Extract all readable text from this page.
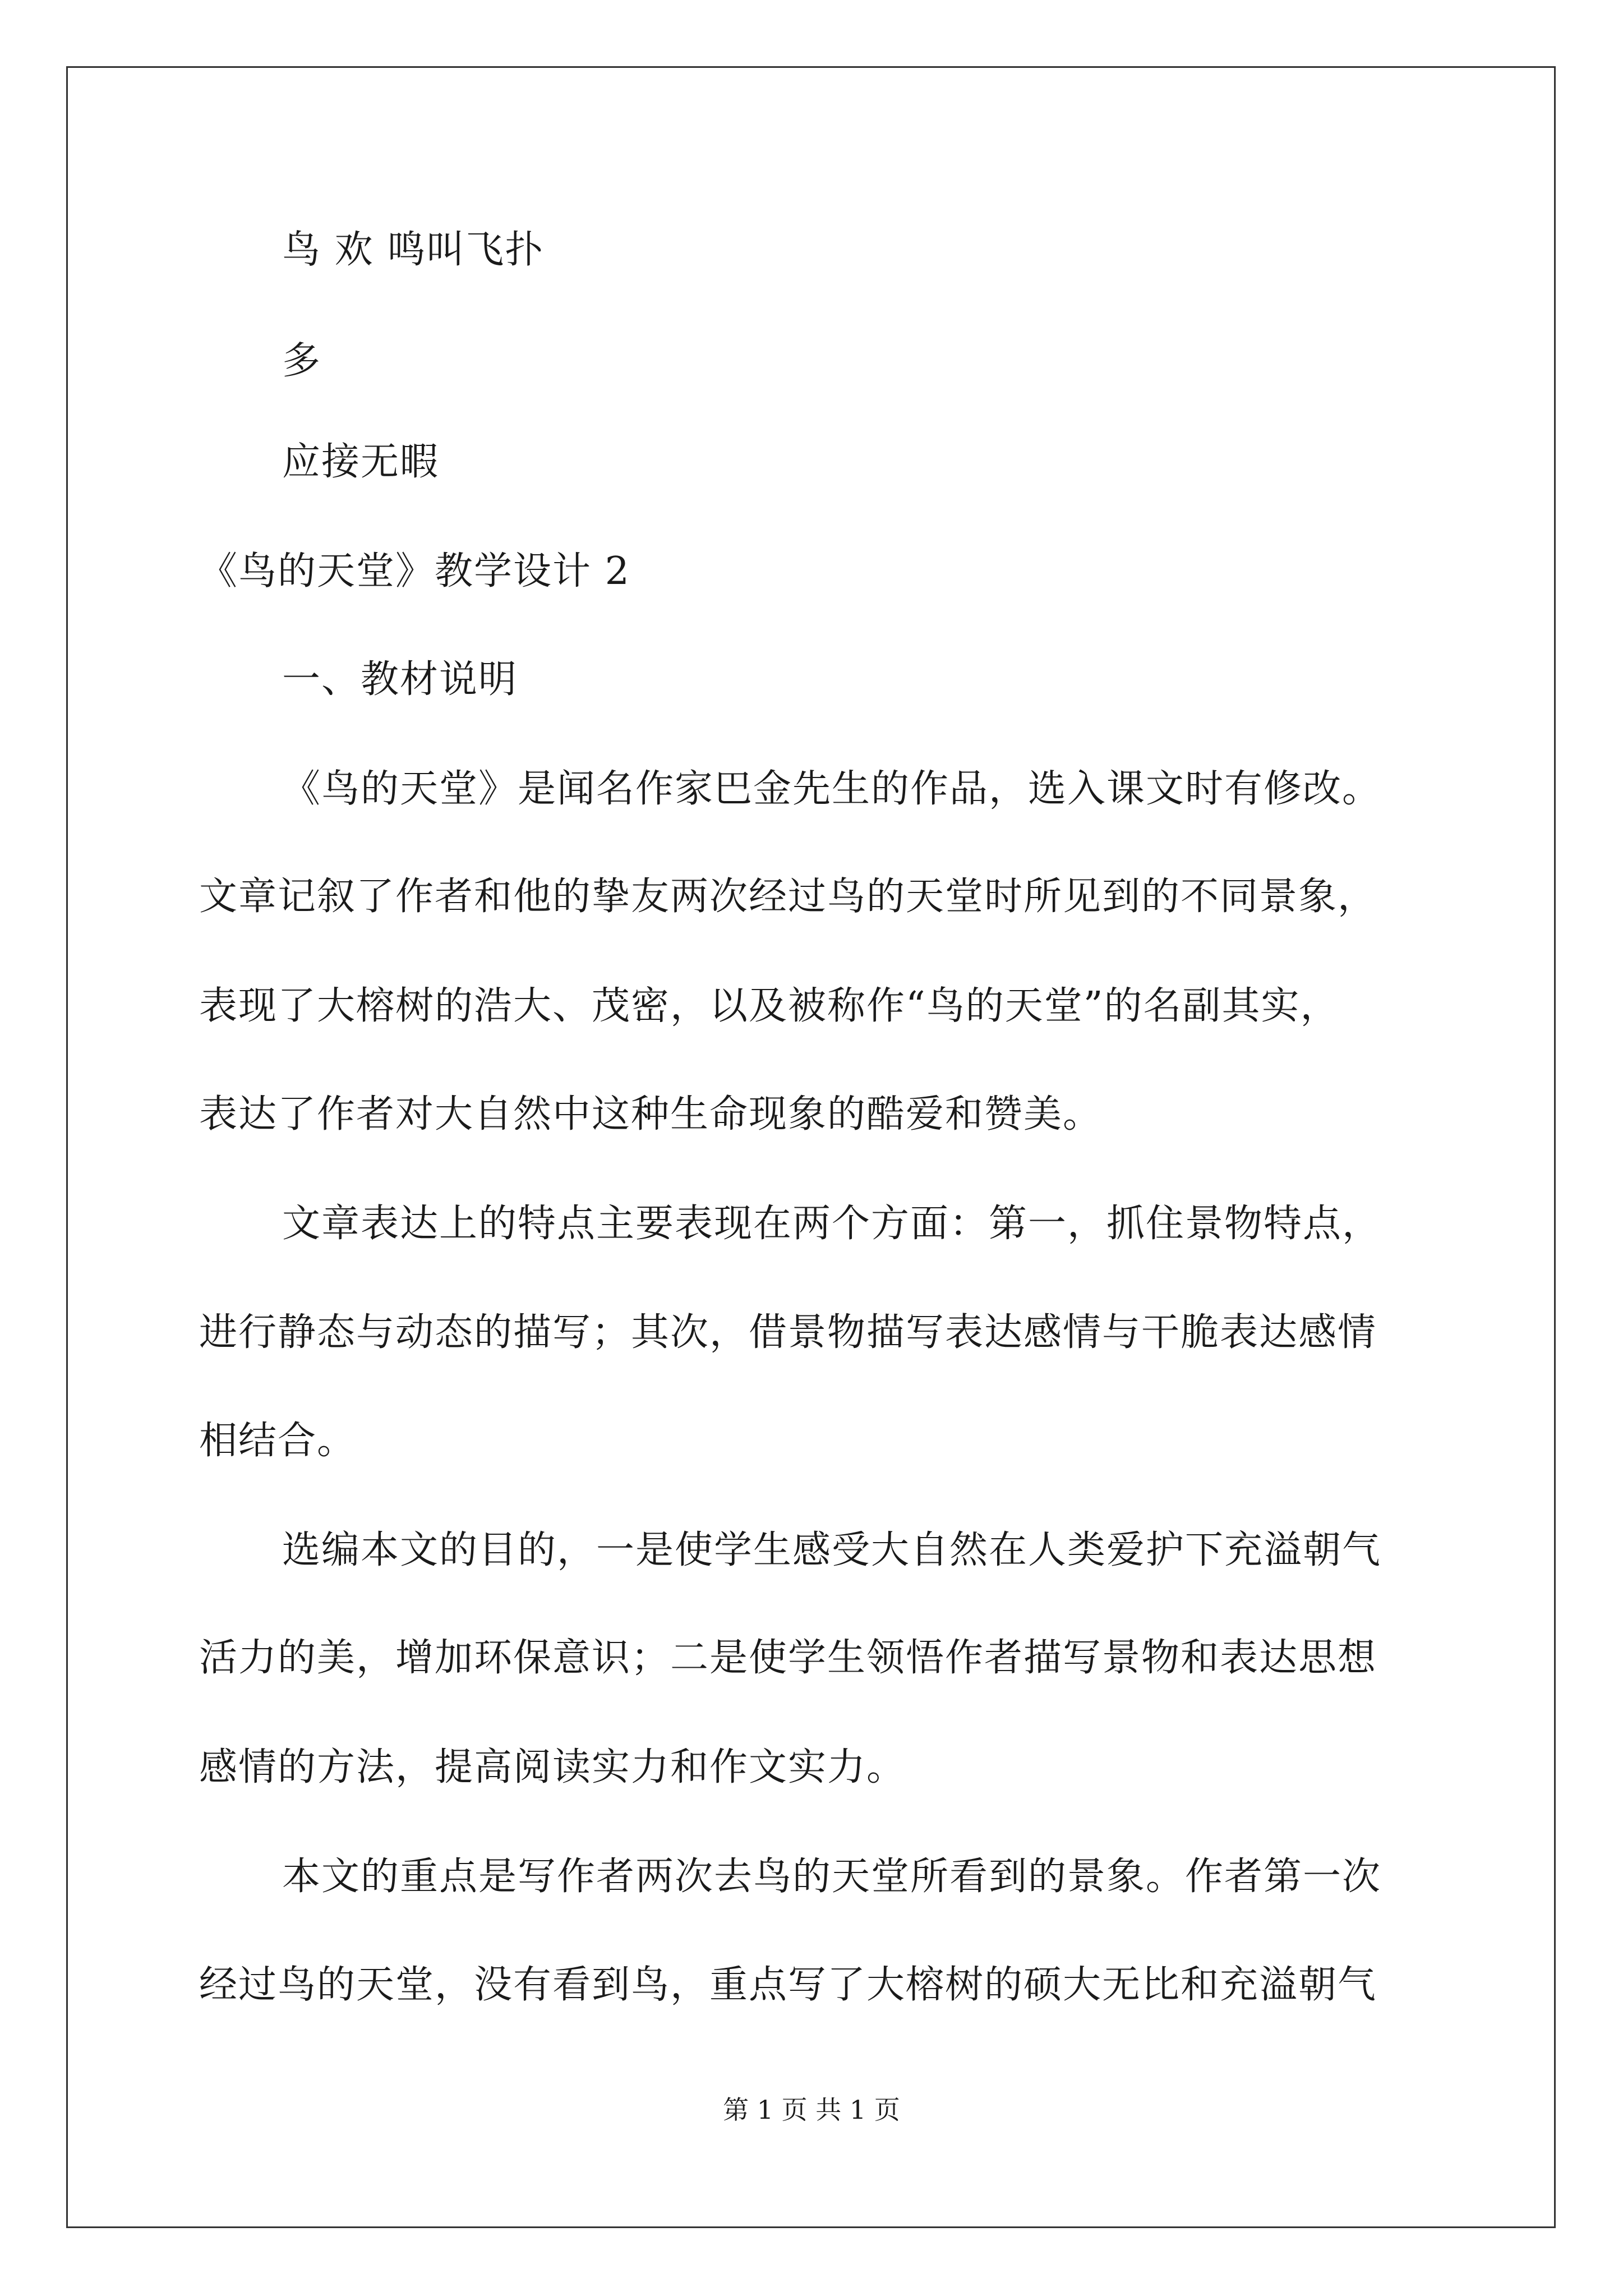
鸟 欢 鸣叫飞扑
多
应接无暇
《鸟的天堂》教学设计 2
一、教材说明
《鸟的天堂》是闻名作家巴金先生的作品，选入课文时有修改。
文章记叙了作者和他的挚友两次经过鸟的天堂时所见到的不同景象，
表现了大榕树的浩大、茂密，以及被称作“鸟的天堂”的名副其实，
表达了作者对大自然中这种生命现象的酷爱和赞美。
文章表达上的特点主要表现在两个方面：第一，抓住景物特点，
进行静态与动态的描写；其次，借景物描写表达感情与干脆表达感情
相结合。
选编本文的目的，一是使学生感受大自然在人类爱护下充溢朝气
活力的美，增加环保意识；二是使学生领悟作者描写景物和表达思想
感情的方法，提高阅读实力和作文实力。
本文的重点是写作者两次去鸟的天堂所看到的景象。作者第一次
经过鸟的天堂，没有看到鸟，重点写了大榕树的硕大无比和充溢朝气
第 1 页 共 1 页
